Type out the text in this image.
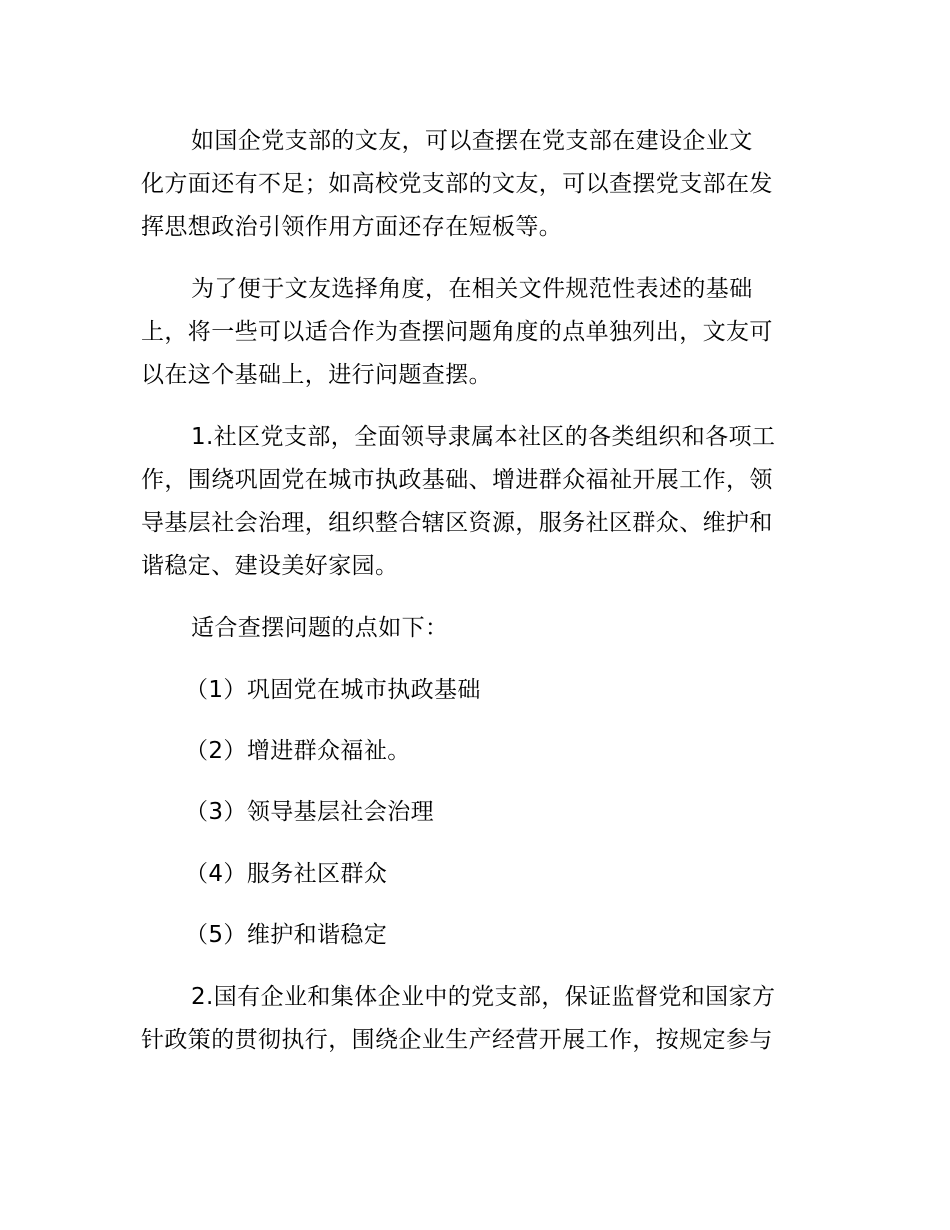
如国企党支部的文友，可以查摆在党支部在建设企业文

化方面还有不足；如高校党支部的文友，可以查摆党支部在发

挥思想政治引领作用方面还存在短板等。

为了便于文友选择角度，在相关文件规范性表述的基础

上，将一些可以适合作为查摆问题角度的点单独列出，文友可

以在这个基础上，进行问题查摆。

1.社区党支部，全面领导隶属本社区的各类组织和各项工

作，围绕巩固党在城市执政基础、增进群众福祉开展工作，领

导基层社会治理，组织整合辖区资源，服务社区群众、维护和

谐稳定、建设美好家园。

适合查摆问题的点如下：

（1）巩固党在城市执政基础

（2）增进群众福祉。

（3）领导基层社会治理

（4）服务社区群众

（5）维护和谐稳定

2.国有企业和集体企业中的党支部，保证监督党和国家方

针政策的贯彻执行，围绕企业生产经营开展工作，按规定参与
